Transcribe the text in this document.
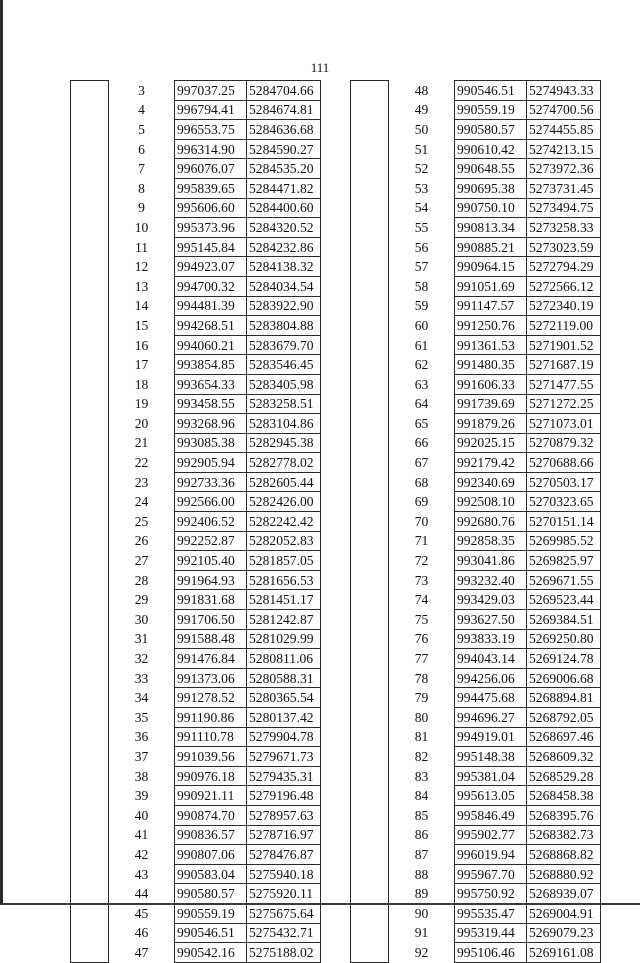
111
	3	997037.25	5284704.66
	4	996794.41	5284674.81
	5	996553.75	5284636.68
	6	996314.90	5284590.27
	7	996076.07	5284535.20
	8	995839.65	5284471.82
	9	995606.60	5284400.60
	10	995373.96	5284320.52
	11	995145.84	5284232.86
	12	994923.07	5284138.32
	13	994700.32	5284034.54
	14	994481.39	5283922.90
	15	994268.51	5283804.88
	16	994060.21	5283679.70
	17	993854.85	5283546.45
	18	993654.33	5283405.98
	19	993458.55	5283258.51
	20	993268.96	5283104.86
	21	993085.38	5282945.38
	22	992905.94	5282778.02
	23	992733.36	5282605.44
	24	992566.00	5282426.00
	25	992406.52	5282242.42
	26	992252.87	5282052.83
	27	992105.40	5281857.05
	28	991964.93	5281656.53
	29	991831.68	5281451.17
	30	991706.50	5281242.87
	31	991588.48	5281029.99
	32	991476.84	5280811.06
	33	991373.06	5280588.31
	34	991278.52	5280365.54
	35	991190.86	5280137.42
	36	991110.78	5279904.78
	37	991039.56	5279671.73
	38	990976.18	5279435.31
	39	990921.11	5279196.48
	40	990874.70	5278957.63
	41	990836.57	5278716.97
	42	990807.06	5278476.87
	43	990583.04	5275940.18
	44	990580.57	5275920.11
	45	990559.19	5275675.64
	46	990546.51	5275432.71
	47	990542.16	5275188.02
	48	990546.51	5274943.33
	49	990559.19	5274700.56
	50	990580.57	5274455.85
	51	990610.42	5274213.15
	52	990648.55	5273972.36
	53	990695.38	5273731.45
	54	990750.10	5273494.75
	55	990813.34	5273258.33
	56	990885.21	5273023.59
	57	990964.15	5272794.29
	58	991051.69	5272566.12
	59	991147.57	5272340.19
	60	991250.76	5272119.00
	61	991361.53	5271901.52
	62	991480.35	5271687.19
	63	991606.33	5271477.55
	64	991739.69	5271272.25
	65	991879.26	5271073.01
	66	992025.15	5270879.32
	67	992179.42	5270688.66
	68	992340.69	5270503.17
	69	992508.10	5270323.65
	70	992680.76	5270151.14
	71	992858.35	5269985.52
	72	993041.86	5269825.97
	73	993232.40	5269671.55
	74	993429.03	5269523.44
	75	993627.50	5269384.51
	76	993833.19	5269250.80
	77	994043.14	5269124.78
	78	994256.06	5269006.68
	79	994475.68	5268894.81
	80	994696.27	5268792.05
	81	994919.01	5268697.46
	82	995148.38	5268609.32
	83	995381.04	5268529.28
	84	995613.05	5268458.38
	85	995846.49	5268395.76
	86	995902.77	5268382.73
	87	996019.94	5268868.82
	88	995967.70	5268880.92
	89	995750.92	5268939.07
	90	995535.47	5269004.91
	91	995319.44	5269079.23
	92	995106.46	5269161.08
